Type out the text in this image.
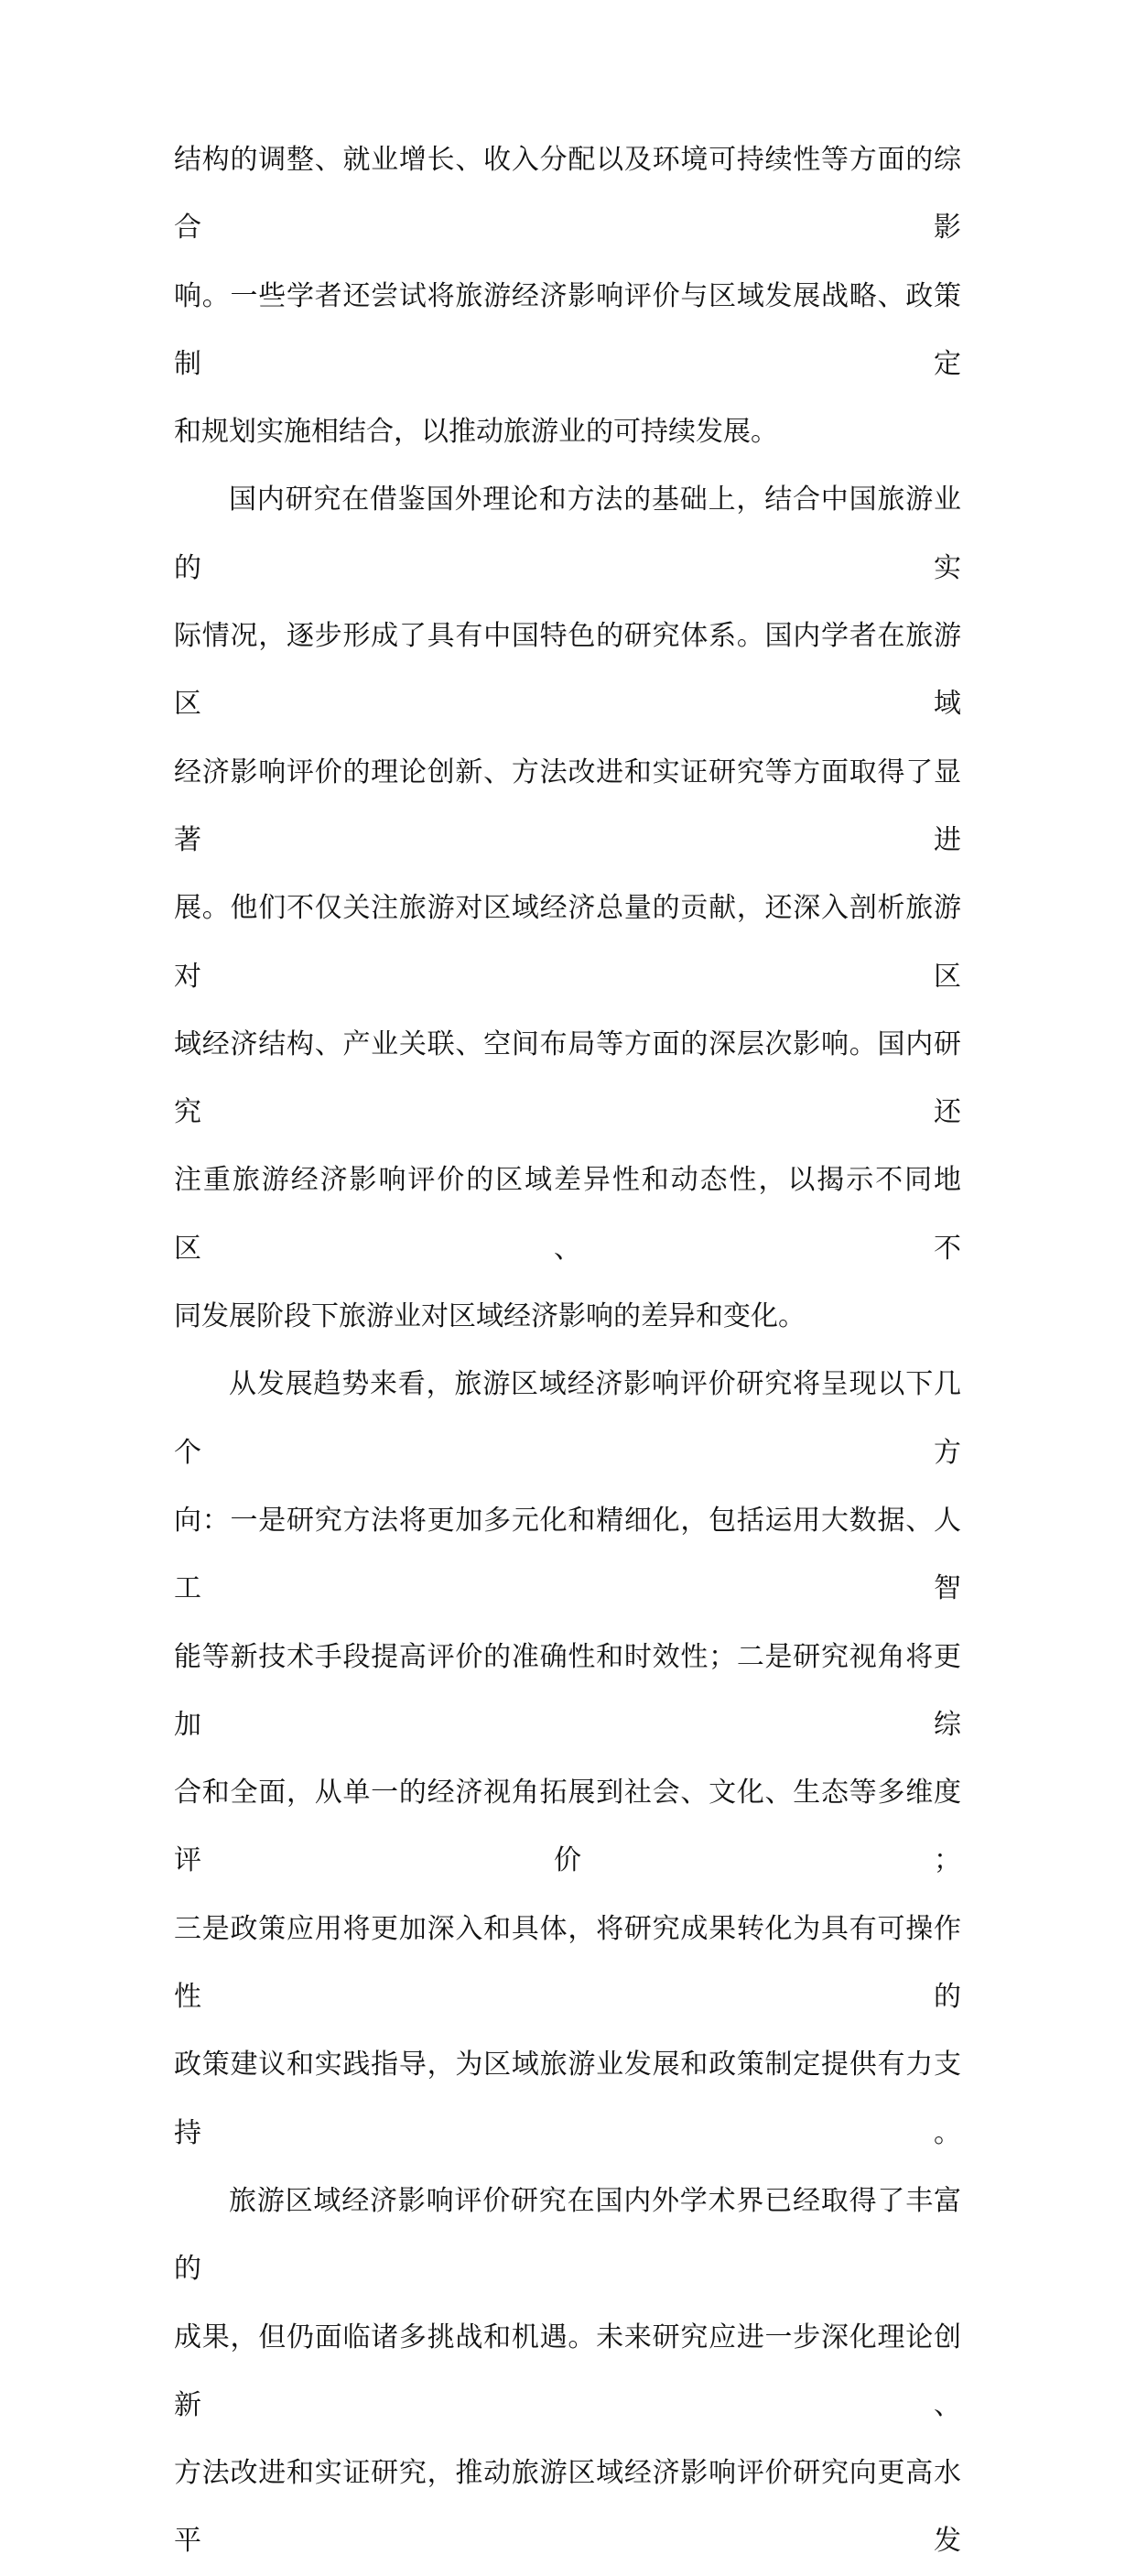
结构的调整、就业增长、收入分配以及环境可持续性等方面的综合影
响。一些学者还尝试将旅游经济影响评价与区域发展战略、政策制定
和规划实施相结合，以推动旅游业的可持续发展。
国内研究在借鉴国外理论和方法的基础上，结合中国旅游业的实
际情况，逐步形成了具有中国特色的研究体系。国内学者在旅游区域
经济影响评价的理论创新、方法改进和实证研究等方面取得了显著进
展。他们不仅关注旅游对区域经济总量的贡献，还深入剖析旅游对区
域经济结构、产业关联、空间布局等方面的深层次影响。国内研究还
注重旅游经济影响评价的区域差异性和动态性，以揭示不同地区、不
同发展阶段下旅游业对区域经济影响的差异和变化。
从发展趋势来看，旅游区域经济影响评价研究将呈现以下几个方
向：一是研究方法将更加多元化和精细化，包括运用大数据、人工智
能等新技术手段提高评价的准确性和时效性；二是研究视角将更加综
合和全面，从单一的经济视角拓展到社会、文化、生态等多维度评价；
三是政策应用将更加深入和具体，将研究成果转化为具有可操作性的
政策建议和实践指导，为区域旅游业发展和政策制定提供有力支持。
旅游区域经济影响评价研究在国内外学术界已经取得了丰富的
成果，但仍面临诸多挑战和机遇。未来研究应进一步深化理论创新、
方法改进和实证研究，推动旅游区域经济影响评价研究向更高水平发
